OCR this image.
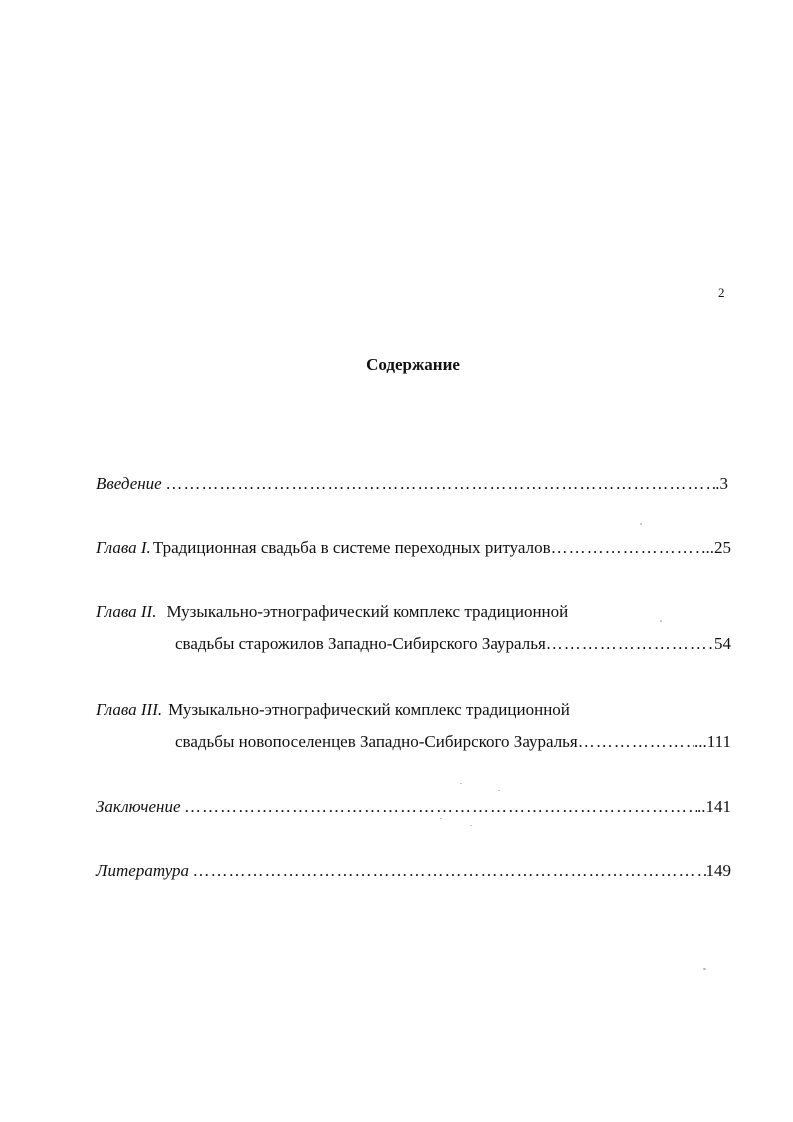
2
Содержание
Введение ………………………………………………………………………………………………………………………………………………………………………………	.3
Глава I. Традиционная свадьба в системе переходных ритуалов ………………………………………………………………………………………………………………………………………………………………………………	...25
Глава II. Музыкально-этнографический комплекс традиционной
свадьбы старожилов Западно-Сибирского Зауралья ………………………………………………………………………………………………………………………………………………………………………………	54
Глава III. Музыкально-этнографический комплекс традиционной
свадьбы новопоселенцев Западно-Сибирского Зауралья ………………………………………………………………………………………………………………………………………………………………………………	...111
Заключение ………………………………………………………………………………………………………………………………………………………………………………	..141
Литература ………………………………………………………………………………………………………………………………………………………………………………	149
